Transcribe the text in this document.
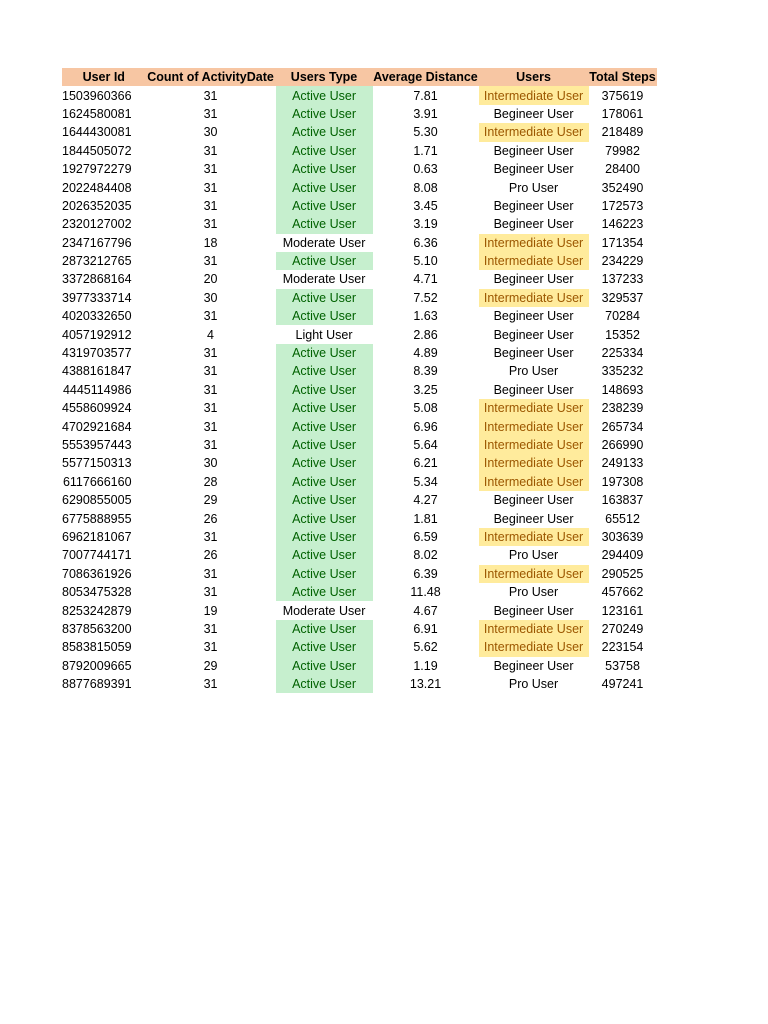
User Id	Count of ActivityDate	Users Type	Average Distance	Users	Total Steps
1503960366	31	Active User	7.81	Intermediate User	375619
1624580081	31	Active User	3.91	Begineer User	178061
1644430081	30	Active User	5.30	Intermediate User	218489
1844505072	31	Active User	1.71	Begineer User	79982
1927972279	31	Active User	0.63	Begineer User	28400
2022484408	31	Active User	8.08	Pro User	352490
2026352035	31	Active User	3.45	Begineer User	172573
2320127002	31	Active User	3.19	Begineer User	146223
2347167796	18	Moderate User	6.36	Intermediate User	171354
2873212765	31	Active User	5.10	Intermediate User	234229
3372868164	20	Moderate User	4.71	Begineer User	137233
3977333714	30	Active User	7.52	Intermediate User	329537
4020332650	31	Active User	1.63	Begineer User	70284
4057192912	4	Light User	2.86	Begineer User	15352
4319703577	31	Active User	4.89	Begineer User	225334
4388161847	31	Active User	8.39	Pro User	335232
4445114986	31	Active User	3.25	Begineer User	148693
4558609924	31	Active User	5.08	Intermediate User	238239
4702921684	31	Active User	6.96	Intermediate User	265734
5553957443	31	Active User	5.64	Intermediate User	266990
5577150313	30	Active User	6.21	Intermediate User	249133
6117666160	28	Active User	5.34	Intermediate User	197308
6290855005	29	Active User	4.27	Begineer User	163837
6775888955	26	Active User	1.81	Begineer User	65512
6962181067	31	Active User	6.59	Intermediate User	303639
7007744171	26	Active User	8.02	Pro User	294409
7086361926	31	Active User	6.39	Intermediate User	290525
8053475328	31	Active User	11.48	Pro User	457662
8253242879	19	Moderate User	4.67	Begineer User	123161
8378563200	31	Active User	6.91	Intermediate User	270249
8583815059	31	Active User	5.62	Intermediate User	223154
8792009665	29	Active User	1.19	Begineer User	53758
8877689391	31	Active User	13.21	Pro User	497241
